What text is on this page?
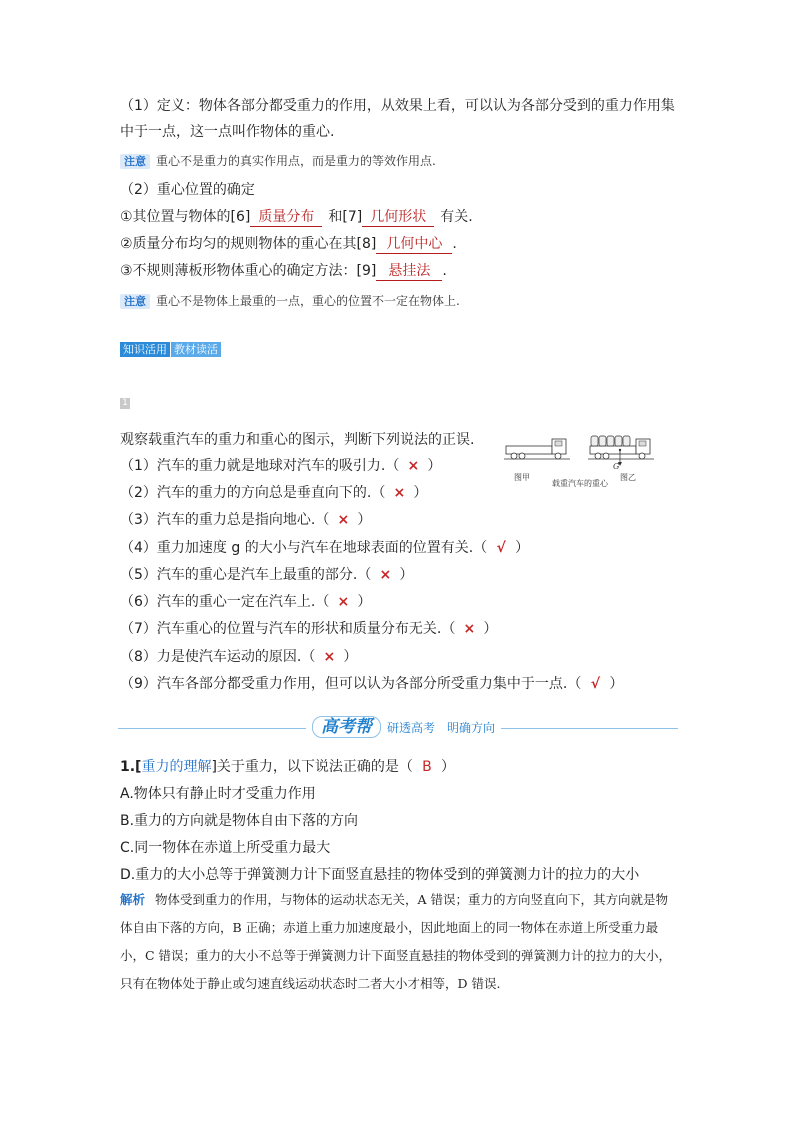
（1）定义：物体各部分都受重力的作用，从效果上看，可以认为各部分受到的重力作用集
中于一点，这一点叫作物体的重心.
注意 重心不是重力的真实作用点，而是重力的等效作用点.
（2）重心位置的确定
①其位置与物体的[6] 质量分布 和[7] 几何形状 有关.
②质量分布均匀的规则物体的重心在其[8] 几何中心 .
③不规则薄板形物体重心的确定方法：[9] 悬挂法 .
注意 重心不是物体上最重的一点，重心的位置不一定在物体上.
知识活用 教材读活
1
观察载重汽车的重力和重心的图示，判断下列说法的正误.
图甲
G
图乙
载重汽车的重心
（1）汽车的重力就是地球对汽车的吸引力.（ × ）
（2）汽车的重力的方向总是垂直向下的.（ × ）
（3）汽车的重力总是指向地心.（ × ）
（4）重力加速度 g 的大小与汽车在地球表面的位置有关.（ √ ）
（5）汽车的重心是汽车上最重的部分.（ × ）
（6）汽车的重心一定在汽车上.（ × ）
（7）汽车重心的位置与汽车的形状和质量分布无关.（ × ）
（8）力是使汽车运动的原因.（ × ）
（9）汽车各部分都受重力作用，但可以认为各部分所受重力集中于一点.（ √ ）
高考帮 研透高考　明确方向
1.[重力的理解]关于重力，以下说法正确的是（ B ）
A.物体只有静止时才受重力作用
B.重力的方向就是物体自由下落的方向
C.同一物体在赤道上所受重力最大
D.重力的大小总等于弹簧测力计下面竖直悬挂的物体受到的弹簧测力计的拉力的大小
解析 物体受到重力的作用，与物体的运动状态无关，A 错误；重力的方向竖直向下，其方向就是物体自由下落的方向，B 正确；赤道上重力加速度最小，因此地面上的同一物体在赤道上所受重力最小，C 错误；重力的大小不总等于弹簧测力计下面竖直悬挂的物体受到的弹簧测力计的拉力的大小，只有在物体处于静止或匀速直线运动状态时二者大小才相等，D 错误.
